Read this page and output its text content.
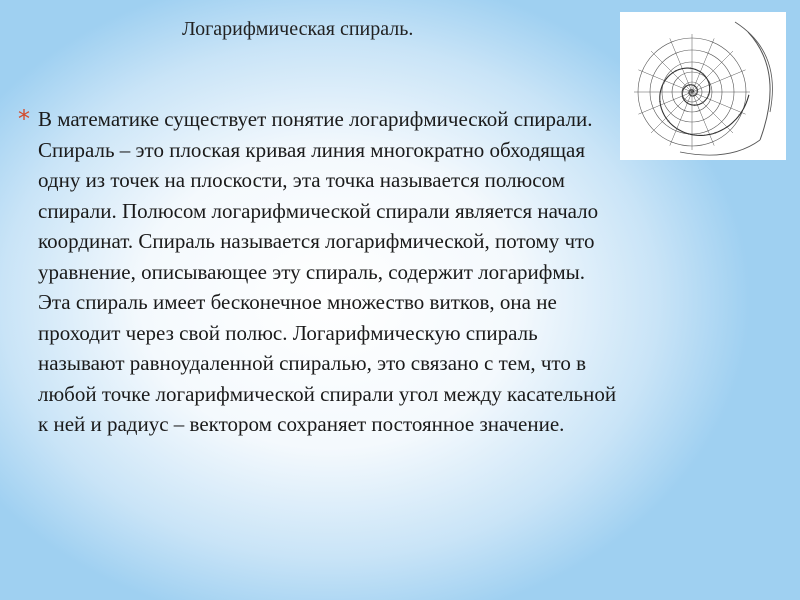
Логарифмическая спираль.
* В математике существует понятие логарифмической спирали. Спираль – это плоская кривая линия многократно обходящая одну из точек на плоскости, эта точка называется полюсом спирали. Полюсом логарифмической спирали является начало координат. Спираль называется логарифмической, потому что уравнение, описывающее эту спираль, содержит логарифмы. Эта спираль имеет бесконечное множество витков, она не проходит через свой полюс. Логарифмическую спираль называют равноудаленной спиралью, это связано с тем, что в любой точке логарифмической спирали угол между касательной к ней и радиус – вектором сохраняет постоянное значение.
